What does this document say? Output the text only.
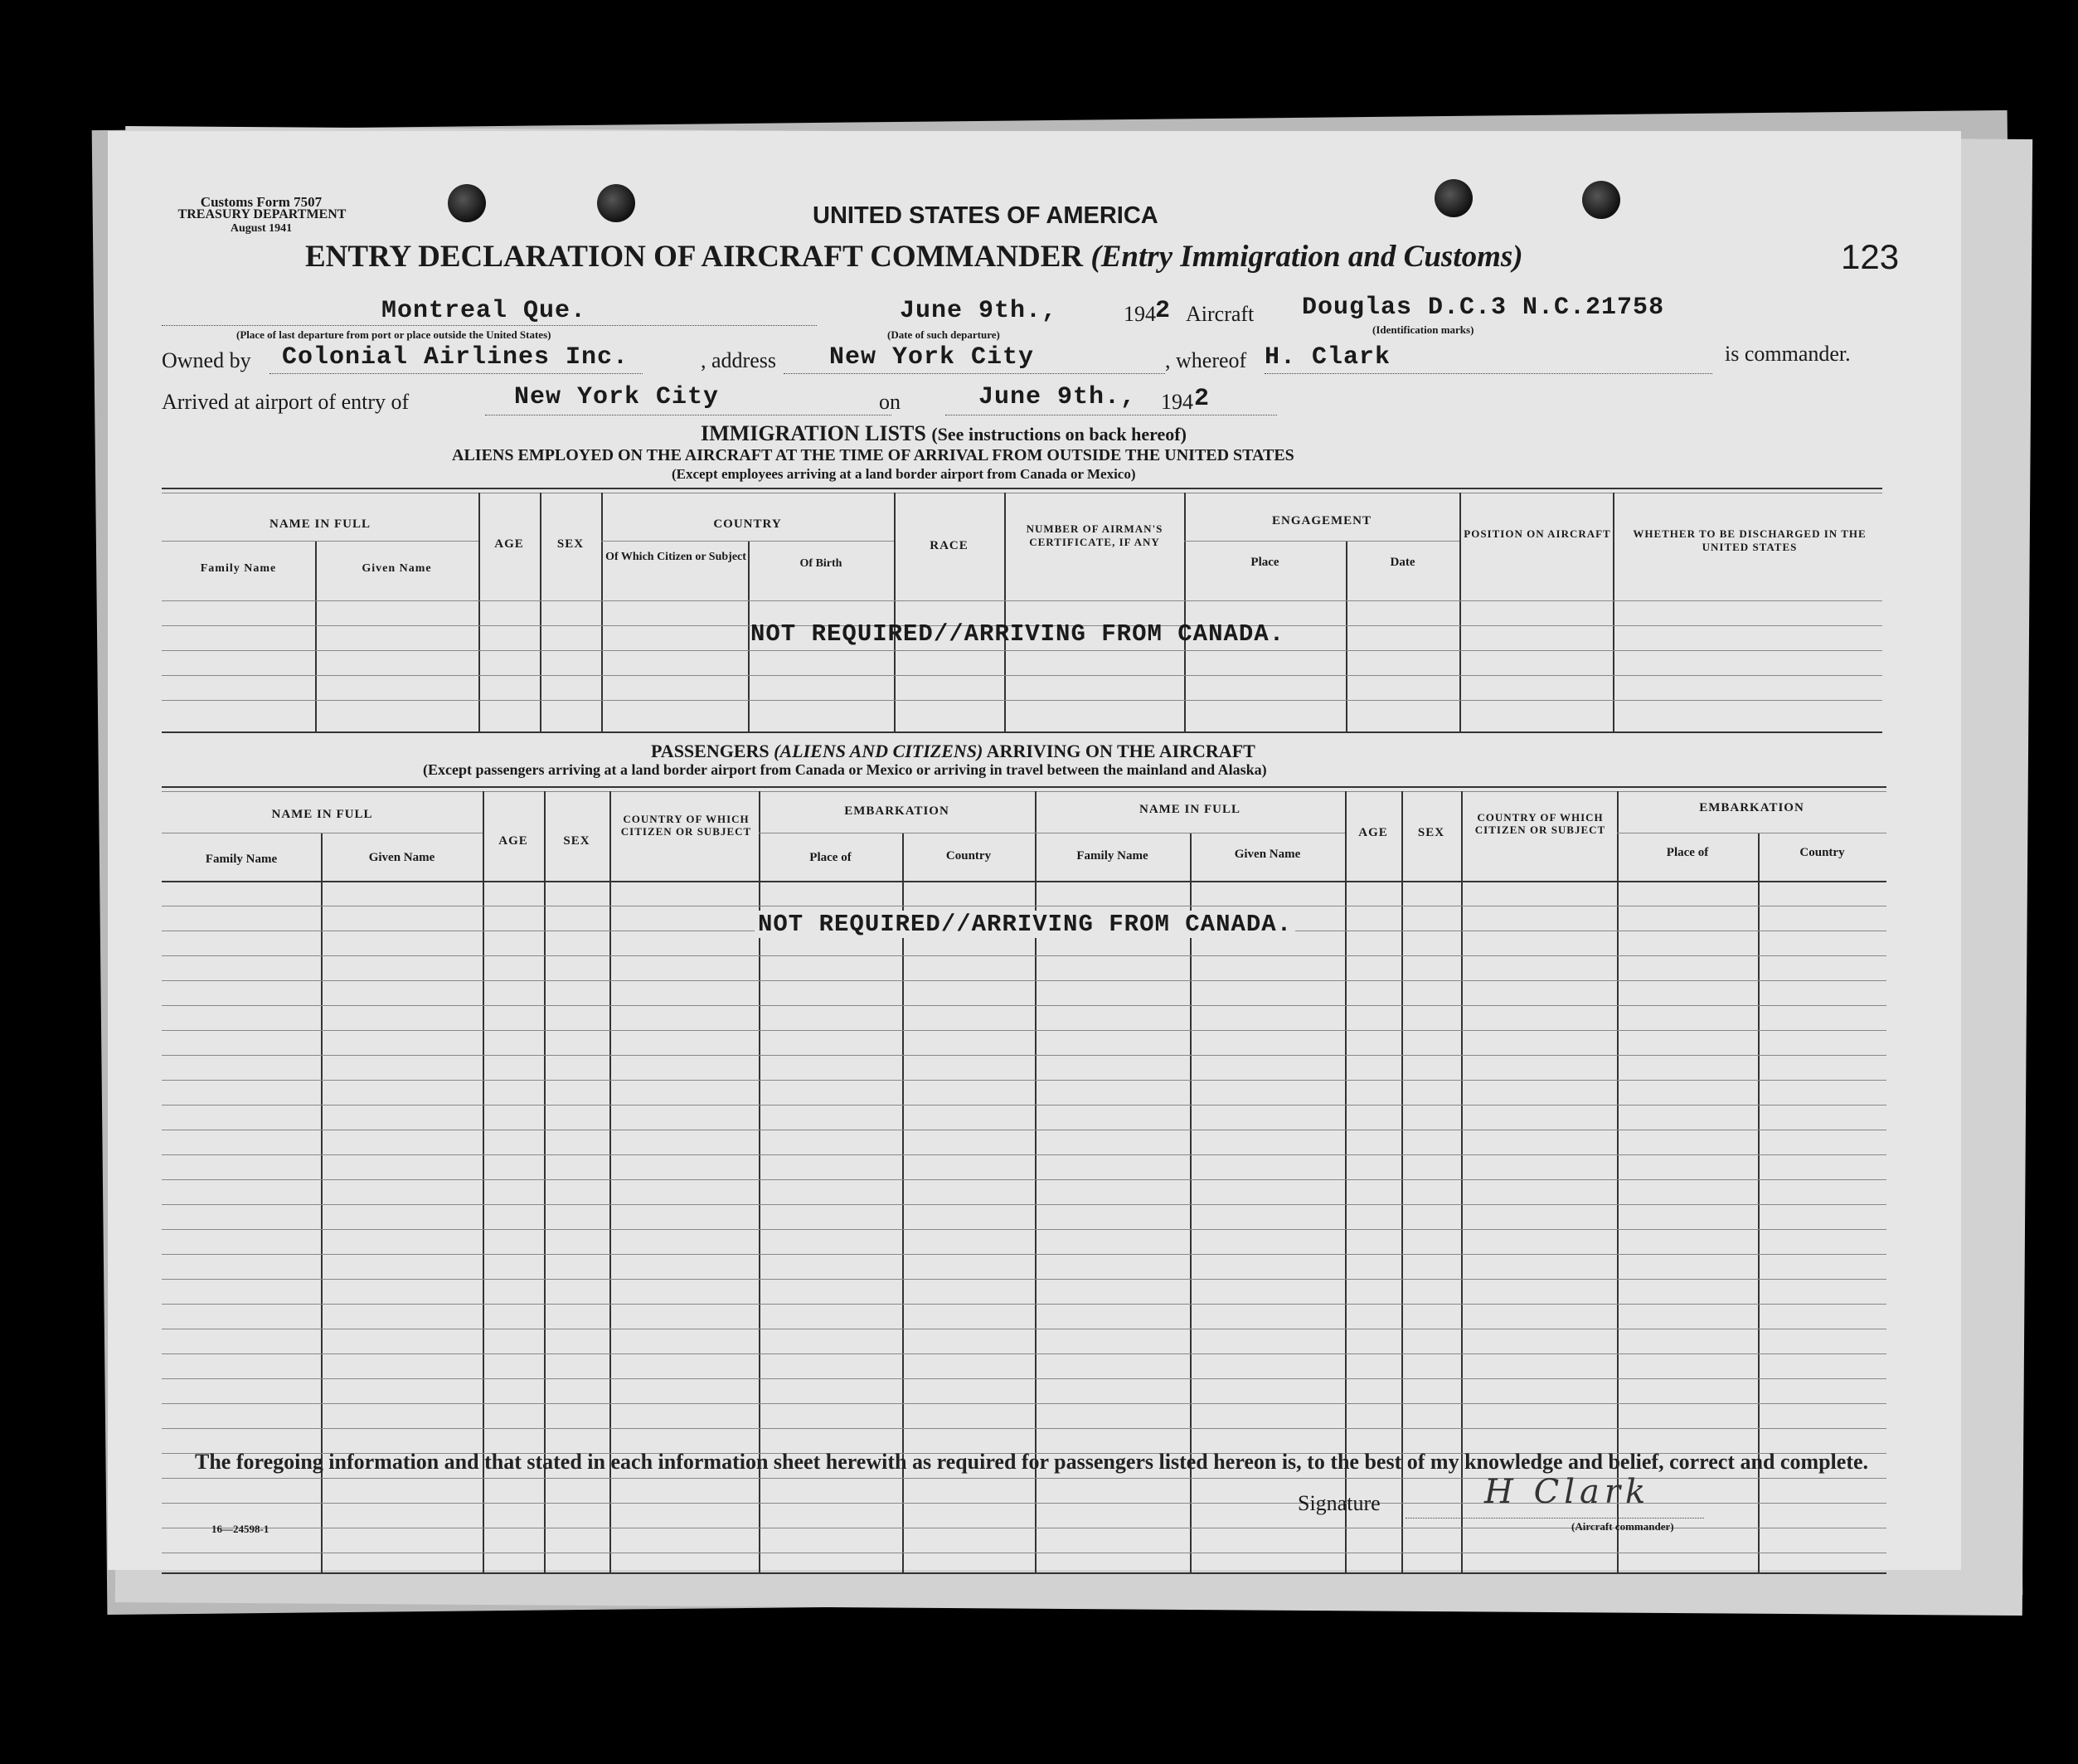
Customs Form 7507
TREASURY DEPARTMENT
August 1941	UNITED STATES OF AMERICA
ENTRY DECLARATION OF AIRCRAFT COMMANDER (Entry Immigration and Customs)	123
Montreal Que.
(Place of last departure from port or place outside the United States)
June 9th.,
(Date of such departure)
194 2 Aircraft Douglas D.C.3 N.C.21758
(Identification marks)
Owned by Colonial Airlines Inc.	, address New York City	, whereof H. Clark	is commander.
Arrived at airport of entry of	New York City	on	June 9th., 194 2
IMMIGRATION LISTS (See instructions on back hereof)
ALIENS EMPLOYED ON THE AIRCRAFT AT THE TIME OF ARRIVAL FROM OUTSIDE THE UNITED STATES
(Except employees arriving at a land border airport from Canada or Mexico)
NAME IN FULL
Family Name	Given Name
AGE	SEX
COUNTRY
Of Which Citizen or Subject
Of Birth
RACE
NUMBER OF AIRMAN'S CERTIFICATE, IF ANY
ENGAGEMENT
Place	Date
POSITION ON AIRCRAFT	WHETHER TO BE DISCHARGED IN THE UNITED STATES
NOT REQUIRED//ARRIVING FROM CANADA.
PASSENGERS (ALIENS AND CITIZENS) ARRIVING ON THE AIRCRAFT
(Except passengers arriving at a land border airport from Canada or Mexico or arriving in travel between the mainland and Alaska)
NAME IN FULL
Family Name	Given Name
AGE	SEX
COUNTRY OF WHICH CITIZEN OR SUBJECT
EMBARKATION
Place of	Country
NAME IN FULL
Family Name	Given Name
AGE	SEX
COUNTRY OF WHICH CITIZEN OR SUBJECT
EMBARKATION
Place of	Country
NOT REQUIRED//ARRIVING FROM CANADA.
The foregoing information and that stated in each information sheet herewith as required for passengers listed hereon is, to the best of my knowledge and belief, correct and complete.
16—24598-1
Signature	H Clark
(Aircraft commander)
